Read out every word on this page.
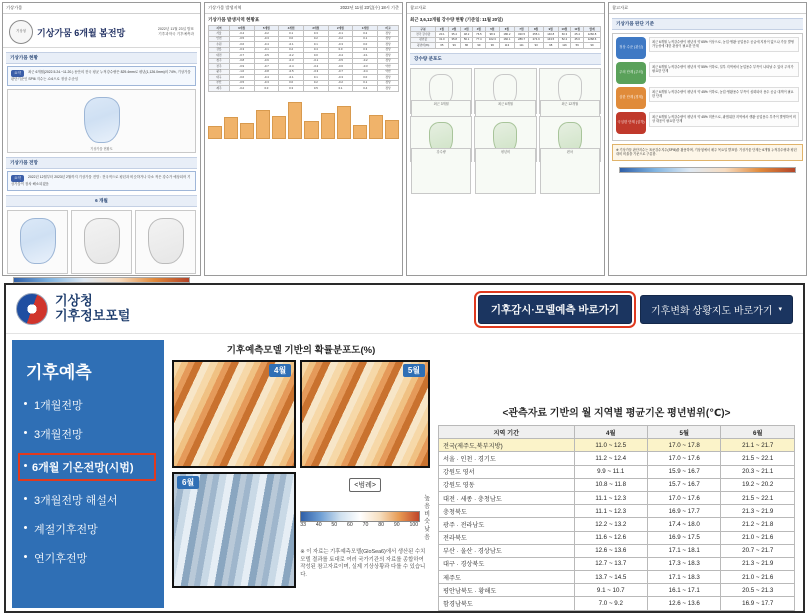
기상가뭄
기상청	기상가뭄 6개월 봄전망	2022년 11월 23일 발표
기후과학국 기후예측과
기상가뭄 현황
요약 최근 6개월(2022.5.24.~11.20.) 동안의 전국 평균 누적강수량은 829.4mm로 평년(1,126.0mm)의 74%, 기상가뭄 판단기준인 SPI6 지수는 -0.6으로 정상 수준임
기상가뭄 현황도
기상가뭄 전망
요약 2022년 12월부터 2023년 2월까지 기상가뭄 전망 : 전국적으로 평년과 비슷하거나 다소 적은 강수가 예상되어 기상가뭄이 점차 해소되겠음
6 개월
기상가뭄 발생지역	2022년 11월 23일(수) 18시 기준
기상가뭄 발생지역 현황표
지역	6개월	5개월	4개월	3개월	2개월	1개월	비고
서울	-0.4	-0.2	0.1	0.3	-0.1	0.2	정상
인천	-0.5	-0.3	0.0	0.2	-0.2	0.1	정상
수원	-0.6	-0.4	-0.1	0.1	-0.3	0.0	정상
강릉	-0.3	-0.1	0.2	0.4	0.0	0.3	정상
대전	-0.7	-0.5	-0.2	0.0	-0.4	-0.1	정상
청주	-0.8	-0.6	-0.3	-0.1	-0.5	-0.2	정상
전주	-0.9	-0.7	-0.4	-0.2	-0.6	-0.3	약한
광주	-1.0	-0.8	-0.5	-0.3	-0.7	-0.4	약한
대구	-0.6	-0.4	-0.1	0.1	-0.3	0.0	정상
부산	-0.5	-0.3	0.0	0.2	-0.2	0.1	정상
제주	-0.2	0.0	0.3	0.5	0.1	0.4	정상
참고자료
최근 3,6,12개월 강수량 현황 (기준일: 11월 20일)
구분	1월	2월	3월	4월	5월	6월	7월	8월	9월	10월	11월	합계
전국 강수량	20.1	35.4	48.2	76.5	98.3	180.2	320.5	255.1	140.8	60.3	25.4	1260.8
평년값	31.0	35.8	56.1	77.4	102.3	160.1	289.7	274.9	143.5	52.2	45.6	1268.6
평년비(%)	65	99	86	99	96	113	111	93	98	116	56	99
강수량 분포도
최근 3개월	최근 6개월	최근 12개월
강수량	평년비	편차
참고자료
기상가뭄 판단 기준
정상 수준 (관심)
최근 6개월 누적강수량이 평년의 약 65% 이상으로, 농업·생활·공업용수 공급에 지장이 없으나 가뭄 발생 가능성에 대한 관심이 필요한 단계
주의 단계 (주의)
최근 6개월 누적강수량이 평년의 약 55% 이하로, 일부 지역에서 농업용수 부족이 나타날 수 있어 주의가 필요한 단계
심한 단계 (경계)
최근 6개월 누적강수량이 평년의 약 45% 이하로, 농업·생활용수 부족이 심화되어 용수 공급 대책이 필요한 단계
극심한 단계 (심각)
최근 6개월 누적강수량이 평년의 약 45% 미만으로, 광범위한 지역에서 생활·공업용수 부족이 발생하여 비상 대응이 필요한 단계
※ 기상가뭄 판단지수는 표준강수지수(SPI6)를 활용하며, 기상청에서 매주 목요일 발표함. 기상가뭄 단계는 6개월 누적강수량과 평년 대비 비율을 기준으로 구분함.
기상청
기후정보포털	기후감시·모델예측 바로가기	기후변화 상황지도 바로가기 ▾
기후예측
1개월전망
3개월전망
6개월 기온전망(시범)
3개월전망 해설서
계절기후전망
연기후전망
기후예측모델 기반의 확률분포도(%)
4월	5월
6월	<범례>
33 40 50 60 70 80 90 100
높음
비슷
낮음
※ 이 자료는 기후예측모델(GloSea6)에서 생산된 수치모델 결과를 토대로 여러 국가기관의 자료를 종합하여 작성된 참고자료이며, 실제 기상상황과 다를 수 있습니다.
<관측자료 기반의 월 지역별 평균기온 평년범위(℃)>
지역 기간	4월	5월	6월
전국(제주도,북부지방)	11.0 ~ 12.5	17.0 ~ 17.8	21.1 ~ 21.7
서울 · 인천 · 경기도	11.2 ~ 12.4	17.0 ~ 17.6	21.5 ~ 22.1
강원도 영서	9.9 ~ 11.1	15.9 ~ 16.7	20.3 ~ 21.1
강원도 영동	10.8 ~ 11.8	15.7 ~ 16.7	19.2 ~ 20.2
대전 · 세종 · 충청남도	11.1 ~ 12.3	17.0 ~ 17.6	21.5 ~ 22.1
충청북도	11.1 ~ 12.3	16.9 ~ 17.7	21.3 ~ 21.9
광주 · 전라남도	12.2 ~ 13.2	17.4 ~ 18.0	21.2 ~ 21.8
전라북도	11.6 ~ 12.6	16.9 ~ 17.5	21.0 ~ 21.6
부산 · 울산 · 경상남도	12.6 ~ 13.6	17.1 ~ 18.1	20.7 ~ 21.7
대구 · 경상북도	12.7 ~ 13.7	17.3 ~ 18.3	21.3 ~ 21.9
제주도	13.7 ~ 14.5	17.1 ~ 18.3	21.0 ~ 21.6
평안남북도 · 황해도	9.1 ~ 10.7	16.1 ~ 17.1	20.5 ~ 21.3
함경남북도	7.0 ~ 9.2	12.6 ~ 13.6	16.9 ~ 17.7
